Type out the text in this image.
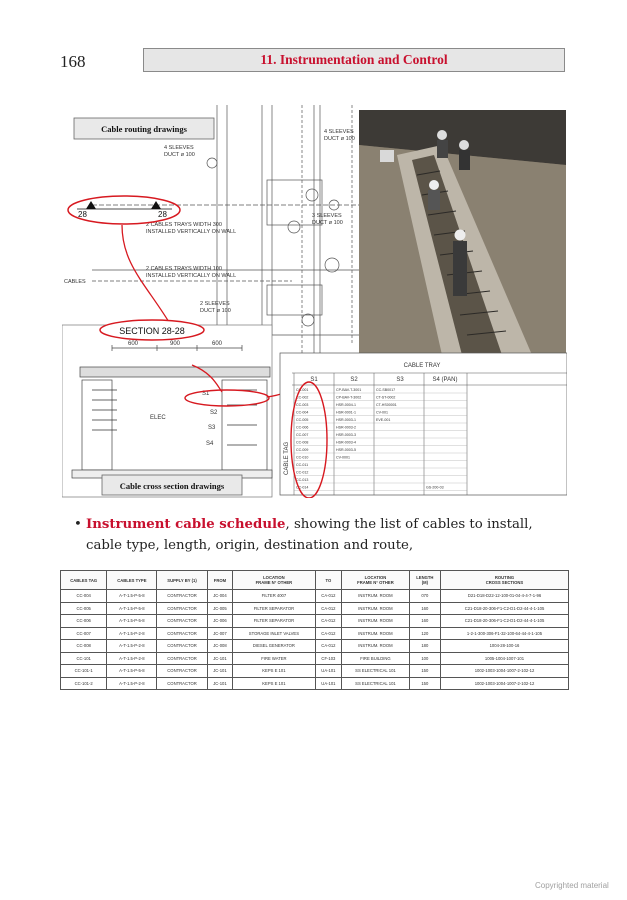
168	11. Instrumentation and Control
4 SLEEVES
DUCT ø 100
4 SLEEVES
DUCT ø 100
3 SLEEVES
DUCT ø 100
2 CABLES TRAYS WIDTH 300
INSTALLED VERTICALLY ON WALL
2 CABLES TRAYS WIDTH 100
INSTALLED VERTICALLY ON WALL
2 SLEEVES
DUCT ø 100
CABLES
Cable routing drawings
28	28
SECTION 28-28
600	900	600
ELEC
S1
S2
S3
S4
Cable cross section drawings
CABLE TRAY
S1	S2	S3	S4 (PAN)
CABLE TAG
CC-001	CP-BAV-T-3001	CC-SB0017
CC-002	CP-BAV-T-3002	CT-ST-0002
CC-003	HSR-0004-1	CT-HS00001
CC-004	HSR-0001-1	CV-001
CC-005	HSR-0003-1	EVE-001
CC-006	HSR-0003-2
CC-007	HSR-0003-3
CC-008	HSR-0003-4
CC-009	HSR-0003-5
CC-010	CV-0001
CC-011
CC-012
CC-013
CC-014	GS-200-03
• Instrument cable schedule, showing the list of cables to install, cable type, length, origin, destination and route,
CABLES TAG	CABLES TYPE	SUPPLY BY (1)	FROM	LOCATION
FRAME N° OTHER	TO	LOCATION
FRAME N° OTHER	LENGTH
(M)	ROUTING
CROSS SECTIONS
CC-004	A-T-1.5-P-5-8	CONTRACTOR	JC-004	FILTER 4007	CA-012	INSTRUM. ROOM	070	D21-D18-D22-12-100-01-04-4-4-7-1-96
CC-005	A-T-1.5-P-5-8	CONTRACTOR	JC-005	FILTER SEPARATOR	CA-012	INSTRUM. ROOM	160	C21-D18-20-306-F1-C2-D1-D2-44-4-1-105
CC-006	A-T-1.5-P-5-8	CONTRACTOR	JC-006	FILTER SEPARATOR	CA-012	INSTRUM. ROOM	160	C21-D18-20-306-F1-C2-D1-D2-44-4-1-105
CC-007	A-T-1.5-P-2-8	CONTRACTOR	JC-007	STORAGE INLET VALVES	CA-012	INSTRUM. ROOM	120	1-2-1-300-306-F1-32-100-64-44-4-1-105
CC-008	A-T-1.5-P-2-8	CONTRACTOR	JC-008	DIESEL GENERATOR	CA-012	INSTRUM. ROOM	180	1004-28-100-16
CC-101	A-T-1.5-P-2-8	CONTRACTOR	JC-101	FIRE WATER	CF-103	FIRE BUILDING	100	1005-1004-1007-101
CC-101-1	A-T-1.5-P-5-8	CONTRACTOR	JC-101	KEPS E 101	UA-101	SS ELECTRICAL 101	150	1002-1003-1004-1007-2-102-12
CC-101-2	A-T-1.5-P-2-8	CONTRACTOR	JC-101	KEPS E 101	UA-101	SS ELECTRICAL 101	150	1002-1003-1004-1007-2-102-12
Copyrighted material
